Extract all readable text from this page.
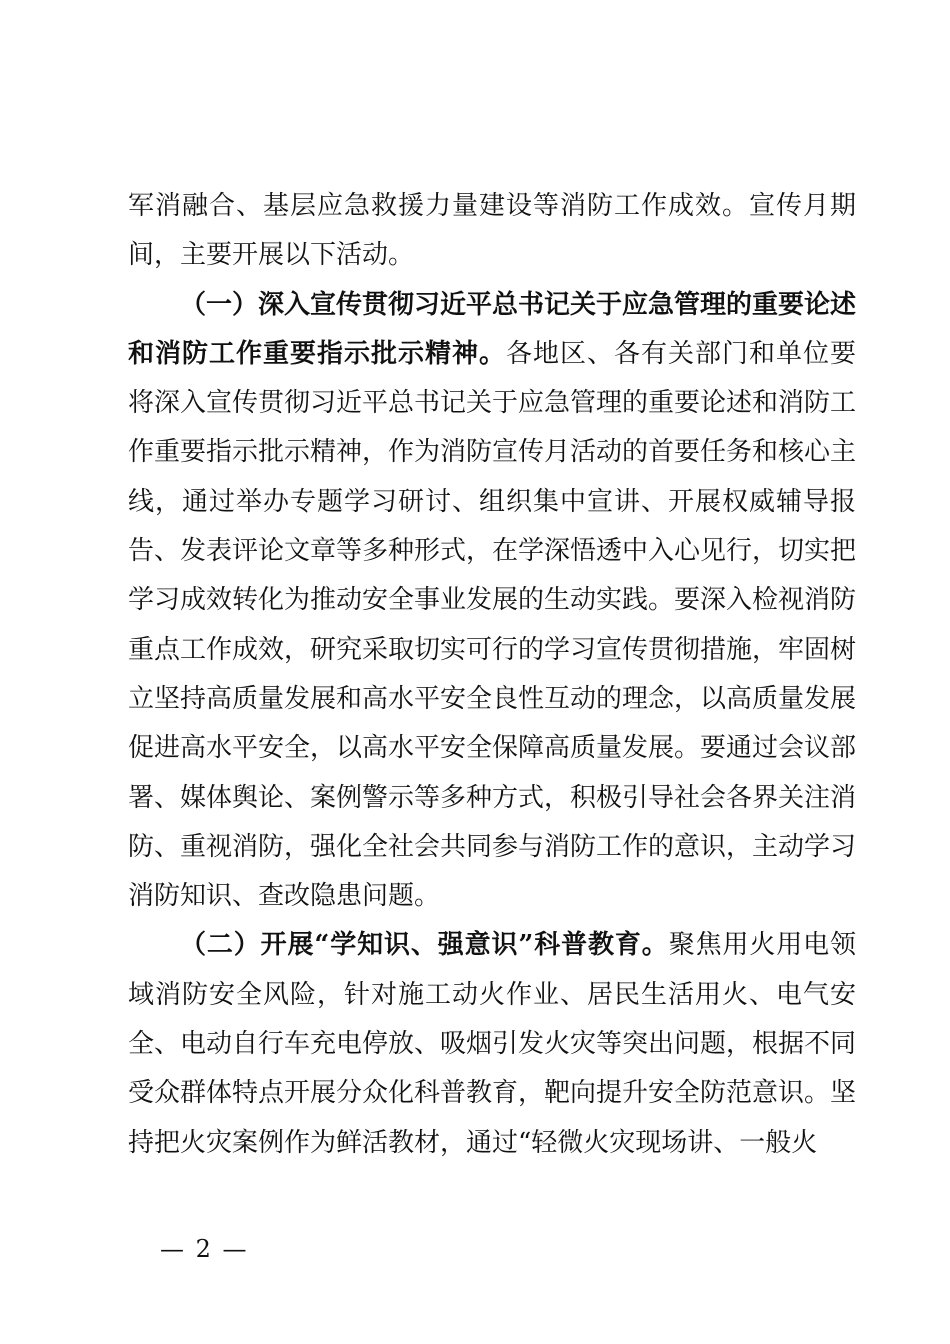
军消融合、基层应急救援力量建设等消防工作成效。宣传月期间，主要开展以下活动。

（一）深入宣传贯彻习近平总书记关于应急管理的重要论述和消防工作重要指示批示精神。各地区、各有关部门和单位要将深入宣传贯彻习近平总书记关于应急管理的重要论述和消防工作重要指示批示精神，作为消防宣传月活动的首要任务和核心主线，通过举办专题学习研讨、组织集中宣讲、开展权威辅导报告、发表评论文章等多种形式，在学深悟透中入心见行，切实把学习成效转化为推动安全事业发展的生动实践。要深入检视消防重点工作成效，研究采取切实可行的学习宣传贯彻措施，牢固树立坚持高质量发展和高水平安全良性互动的理念，以高质量发展促进高水平安全，以高水平安全保障高质量发展。要通过会议部署、媒体舆论、案例警示等多种方式，积极引导社会各界关注消防、重视消防，强化全社会共同参与消防工作的意识，主动学习消防知识、查改隐患问题。

（二）开展“学知识、强意识”科普教育。聚焦用火用电领域消防安全风险，针对施工动火作业、居民生活用火、电气安全、电动自行车充电停放、吸烟引发火灾等突出问题，根据不同受众群体特点开展分众化科普教育，靶向提升安全防范意识。坚持把火灾案例作为鲜活教材，通过“轻微火灾现场讲、一般火

— 2 —
